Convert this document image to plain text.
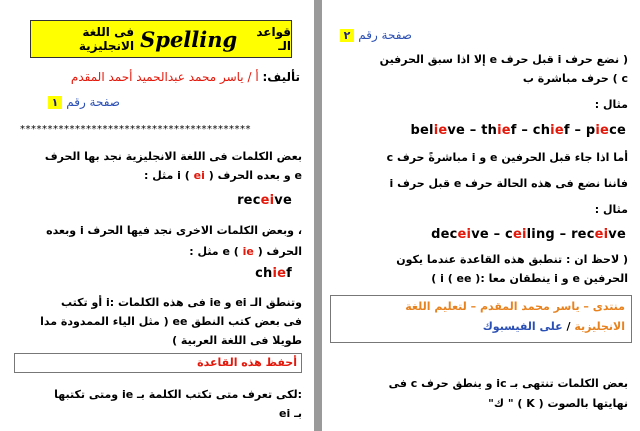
قواعد الـ
Spelling
فى اللغة الانجليزية
تأليف: أ / ياسر محمد عبدالحميد أحمد المقدم
صفحة رقم ١
******************************************
بعض الكلمات فى اللغة الانجليزية نجد بها الحرف
e و بعده الحرف i ( ei ) مثل :
receive
، وبعض الكلمات الاخرى نجد فيها الحرف i وبعده
الحرف e ( ie ) مثل :
chief
وتنطق الـ ei و ie فى هذه الكلمات :i أو تكتب
فى بعض كتب النطق ee ( مثل الياء الممدودة مدا
طويلا فى اللغة العربية )
أحفظ هذه القاعدة
:لكى تعرف متى تكتب الكلمة بـ ie ومتى تكتبها
بـ ei
صفحة رقم ٢
( نضع حرف i قبل حرف e إلا اذا سبق الحرفين
c ) حرف مباشرة ب
مثال :
believe – thief – chief – piece
أما اذا جاء قبل الحرفين e و i مباشرةً حرف c
فاننا نضع فى هذه الحالة حرف e قبل حرف i
مثال :
deceive – ceiling – receive
( لاحظ ان : تنطبق هذه القاعدة عندما يكون
الحرفين e و i ينطقان معا :i ( ee ) )
منتدى – ياسر محمد المقدم – لتعليم اللغة
الانجليزية / على الفيسبوك
بعض الكلمات تنتهى بـ ic و ينطق حرف c فى
نهايتها بالصوت ( K ) " ك"
